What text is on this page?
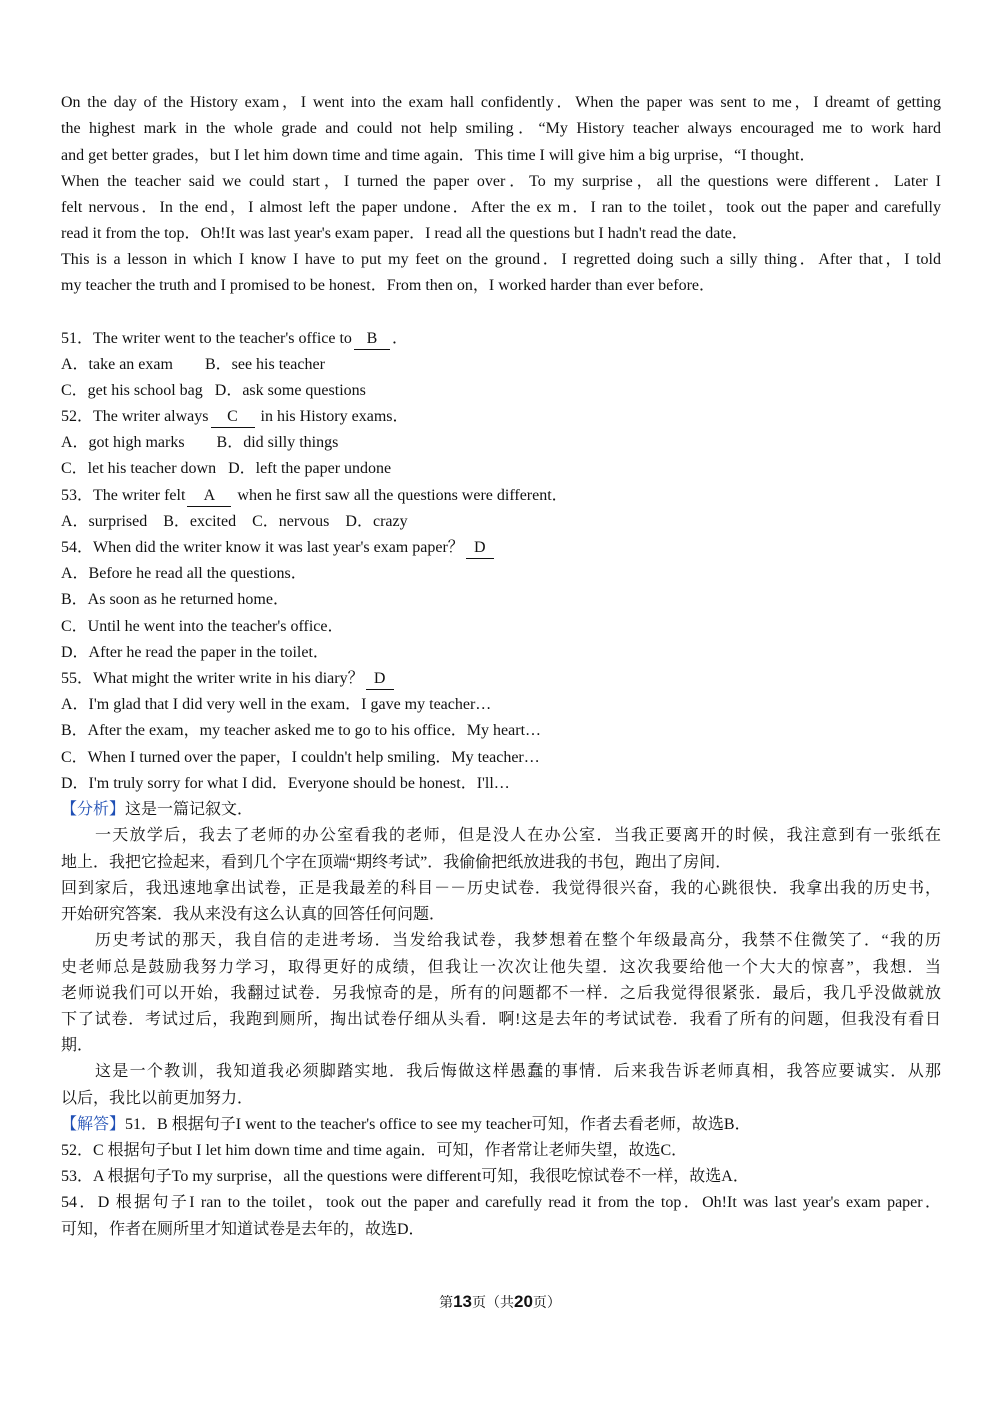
On the day of the History exam，I went into the exam hall confidently．When the paper was sent to me，I dreamt of getting
the highest mark in the whole grade and could not help smiling．“My History teacher always encouraged me to work hard
and get better grades，but I let him down time and time again．This time I will give him a big urprise，“I thought．
When the teacher said we could start，I turned the paper over．To my surprise，all the questions were different．Later I
felt nervous．In the end，I almost left the paper undone．After the ex m．I ran to the toilet，took out the paper and carefully
read it from the top．Oh!It was last year's exam paper．I read all the questions but I hadn't read the date．
This is a lesson in which I know I have to put my feet on the ground．I regretted doing such a silly thing．After that，I told
my teacher the truth and I promised to be honest．From then on，I worked harder than ever before．
51．The writer went to the teacher's office to B ．
A．take an exam        B．see his teacher
C．get his school bag   D．ask some questions
52．The writer always C in his History exams．
A．got high marks        B．did silly things
C．let his teacher down   D．left the paper undone
53．The writer felt A when he first saw all the questions were different．
A．surprised    B．excited    C．nervous    D．crazy
54．When did the writer know it was last year's exam paper？ D
A．Before he read all the questions．
B．As soon as he returned home．
C．Until he went into the teacher's office．
D．After he read the paper in the toilet．
55．What might the writer write in his diary？ D
A．I'm glad that I did very well in the exam．I gave my teacher…
B．After the exam，my teacher asked me to go to his office．My heart…
C．When I turned over the paper，I couldn't help smiling．My teacher…
D．I'm truly sorry for what I did．Everyone should be honest．I'll…
【分析】这是一篇记叙文．
一天放学后，我去了老师的办公室看我的老师，但是没人在办公室．当我正要离开的时候，我注意到有一张纸在
地上．我把它捡起来，看到几个字在顶端“期终考试”．我偷偷把纸放进我的书包，跑出了房间．
回到家后，我迅速地拿出试卷，正是我最差的科目－－历史试卷．我觉得很兴奋，我的心跳很快．我拿出我的历史书，
开始研究答案．我从来没有这么认真的回答任何问题．
历史考试的那天，我自信的走进考场．当发给我试卷，我梦想着在整个年级最高分，我禁不住微笑了．“我的历
史老师总是鼓励我努力学习，取得更好的成绩，但我让一次次让他失望．这次我要给他一个大大的惊喜”，我想．当
老师说我们可以开始，我翻过试卷．另我惊奇的是，所有的问题都不一样．之后我觉得很紧张．最后，我几乎没做就放
下了试卷．考试过后，我跑到厕所，掏出试卷仔细从头看．啊!这是去年的考试试卷．我看了所有的问题，但我没有看日
期．
这是一个教训，我知道我必须脚踏实地．我后悔做这样愚蠢的事情．后来我告诉老师真相，我答应要诚实．从那
以后，我比以前更加努力．
【解答】51．B 根据句子I went to the teacher's office to see my teacher可知，作者去看老师，故选B．
52．C 根据句子but I let him down time and time again．可知，作者常让老师失望，故选C．
53．A 根据句子To my surprise，all the questions were different可知，我很吃惊试卷不一样，故选A．
54．D 根据句子I ran to the toilet，took out the paper and carefully read it from the top．Oh!It was last year's exam paper．
可知，作者在厕所里才知道试卷是去年的，故选D．
第13页（共20页）
